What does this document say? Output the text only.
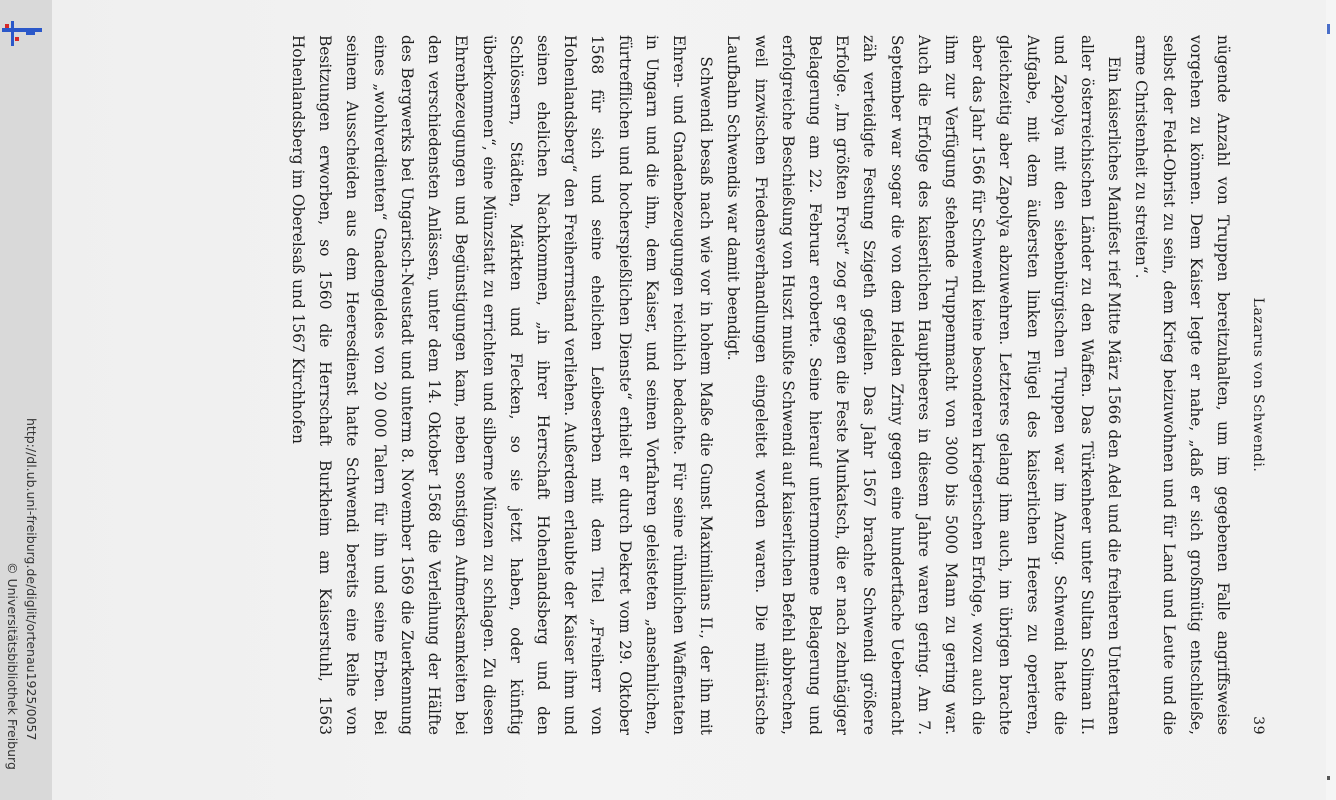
http://dl.ub.uni-freiburg.de/diglit/ortenau1925/0057
© Universitätsbibliothek Freiburg
Lazarus von Schwendi.
39

nügende Anzahl von Truppen bereitzuhalten, um im gegebenen Falle angriffsweise vorgehen zu können. Dem Kaiser legte er nahe, „daß er sich großmütig entschließe, selbst der Feld-Obrist zu sein, dem Krieg beizuwohnen und für Land und Leute und die arme Christenheit zu streiten“.

Ein kaiserliches Manifest rief Mitte März 1566 den Adel und die freiheren Untertanen aller österreichischen Länder zu den Waffen. Das Türkenheer unter Sultan Soliman II. und Zapolya mit den siebenbürgischen Truppen war im Anzug. Schwendi hatte die Aufgabe, mit dem äußersten linken Flügel des kaiserlichen Heeres zu operieren, gleichzeitig aber Zapolya abzuwehren. Letzteres gelang ihm auch, im übrigen brachte aber das Jahr 1566 für Schwendi keine besonderen kriegerischen Erfolge, wozu auch die ihm zur Verfügung stehende Truppenmacht von 3000 bis 5000 Mann zu gering war. Auch die Erfolge des kaiserlichen Hauptheeres in diesem Jahre waren gering. Am 7. September war sogar die von dem Helden Zriny gegen eine hundertfache Uebermacht zäh verteidigte Festung Szigeth gefallen. Das Jahr 1567 brachte Schwendi größere Erfolge. „Im größten Frost“ zog er gegen die Feste Munkatsch, die er nach zehntägiger Belagerung am 22. Februar eroberte. Seine hierauf unternommene Belagerung und erfolgreiche Beschießung von Huszt mußte Schwendi auf kaiserlichen Befehl abbrechen, weil inzwischen Friedensverhandlungen eingeleitet worden waren. Die militärische Laufbahn Schwendis war damit beendigt.

Schwendi besaß nach wie vor in hohem Maße die Gunst Maximilians II., der ihn mit Ehren- und Gnadenbezeugungen reichlich bedachte. Für seine rühmlichen Waffentaten in Ungarn und die ihm, dem Kaiser, und seinen Vorfahren geleisteten „ansehnlichen, fürtrefflichen und hocherspießlichen Dienste“ erhielt er durch Dekret vom 29. Oktober 1568 für sich und seine ehelichen Leibeserben mit dem Titel „Freiherr von Hohenlandsberg“ den Freiherrnstand verliehen. Außerdem erlaubte der Kaiser ihm und seinen ehelichen Nachkommen, „in ihrer Herrschaft Hohenlandsberg und den Schlössern, Städten, Märkten und Flecken, so sie jetzt haben, oder künftig überkommen“, eine Münzstatt zu errichten und silberne Münzen zu schlagen. Zu diesen Ehrenbezeugungen und Begünstigungen kam, neben sonstigen Aufmerksamkeiten bei den verschiedensten Anlässen, unter dem 14. Oktober 1568 die Verleihung der Hälfte des Bergwerks bei Ungarisch-Neustadt und unterm 8. November 1569 die Zuerkennung eines „wohlverdienten“ Gnadengeldes von 20 000 Talern für ihn und seine Erben. Bei seinem Ausscheiden aus dem Heeresdienst hatte Schwendi bereits eine Reihe von Besitzungen erworben, so 1560 die Herrschaft Burkheim am Kaiserstuhl, 1563 Hohenlandsberg im Oberelsaß und 1567 Kirchhofen
